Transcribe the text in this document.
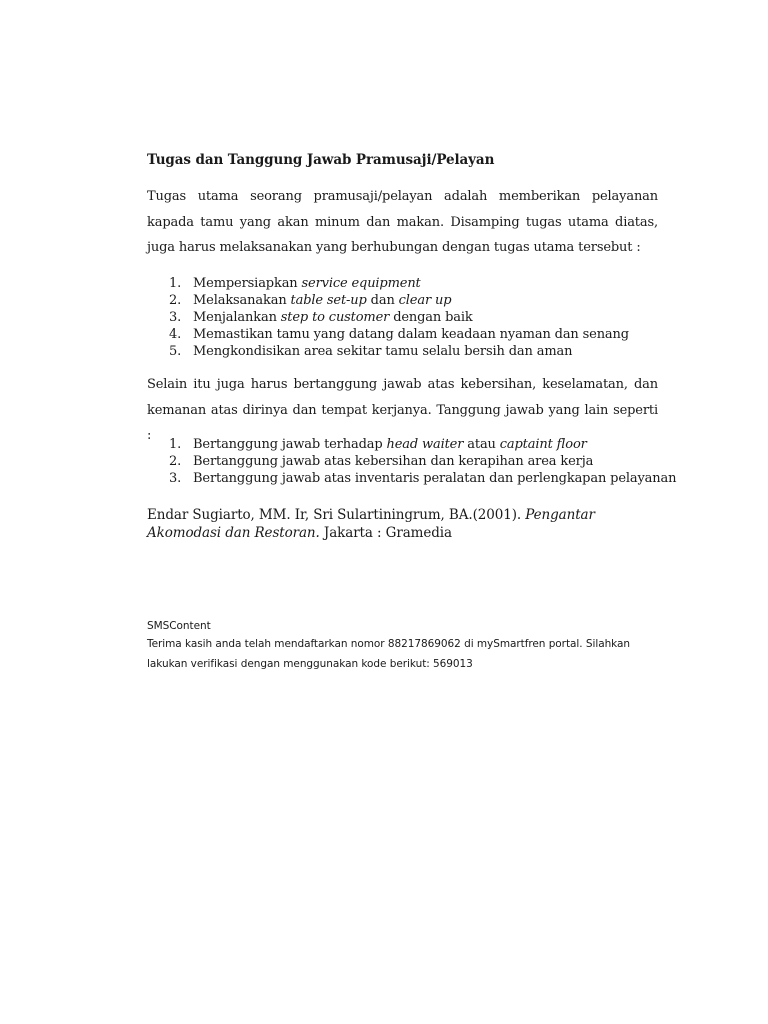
Tugas dan Tanggung Jawab Pramusaji/Pelayan
Tugas utama seorang pramusaji/pelayan adalah memberikan pelayanan kapada tamu yang akan minum dan makan. Disamping tugas utama diatas, juga harus melaksanakan yang berhubungan dengan tugas utama tersebut :
1. Mempersiapkan service equipment
2. Melaksanakan table set-up dan clear up
3. Menjalankan step to customer dengan baik
4. Memastikan tamu yang datang dalam keadaan nyaman dan senang
5. Mengkondisikan area sekitar tamu selalu bersih dan aman
Selain itu juga harus bertanggung jawab atas kebersihan, keselamatan, dan kemanan atas dirinya dan tempat kerjanya. Tanggung jawab yang lain seperti :
1. Bertanggung jawab terhadap head waiter atau captaint floor
2. Bertanggung jawab atas kebersihan dan kerapihan area kerja
3. Bertanggung jawab atas inventaris peralatan dan perlengkapan pelayanan
Endar Sugiarto, MM. Ir, Sri Sulartiningrum, BA.(2001). Pengantar Akomodasi dan Restoran. Jakarta : Gramedia
SMSContent
Terima kasih anda telah mendaftarkan nomor 88217869062 di mySmartfren portal. Silahkan lakukan verifikasi dengan menggunakan kode berikut: 569013
